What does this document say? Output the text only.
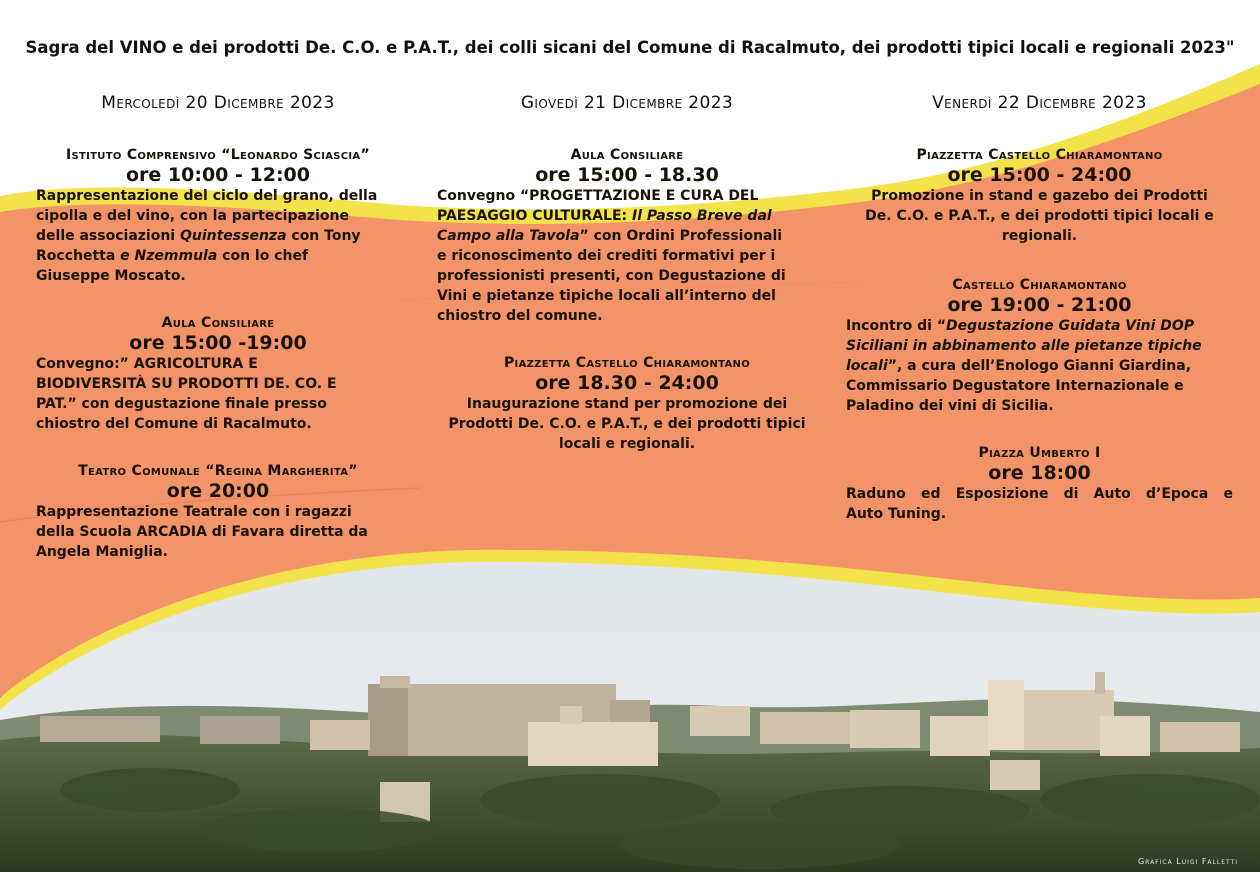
Sagra del VINO e dei prodotti De. C.O. e P.A.T., dei colli sicani del Comune di Racalmuto, dei prodotti tipici locali e regionali 2023"
Mercoledì 20 Dicembre 2023
Istituto Comprensivo “Leonardo Sciascia”
ore 10:00 - 12:00
Rappresentazione del ciclo del grano, della
cipolla e del vino, con la partecipazione
delle associazioni Quintessenza con Tony
Rocchetta e Nzemmula con lo chef
Giuseppe Moscato.
Aula Consiliare
ore 15:00 -19:00
Convegno:” AGRICOLTURA E
BIODIVERSITÀ SU PRODOTTI DE. CO. E
PAT.” con degustazione finale presso
chiostro del Comune di Racalmuto.
Teatro Comunale “Regina Margherita”
ore 20:00
Rappresentazione Teatrale con i ragazzi
della Scuola ARCADIA di Favara diretta da
Angela Maniglia.
Giovedì 21 Dicembre 2023
Aula Consiliare
ore 15:00 - 18.30
Convegno “PROGETTAZIONE E CURA DEL
PAESAGGIO CULTURALE: Il Passo Breve dal
Campo alla Tavola” con Ordini Professionali
e riconoscimento dei crediti formativi per i
professionisti presenti, con Degustazione di
Vini e pietanze tipiche locali all’interno del
chiostro del comune.
Piazzetta Castello Chiaramontano
ore 18.30 - 24:00
Inaugurazione stand per promozione dei
Prodotti De. C.O. e P.A.T., e dei prodotti tipici
locali e regionali.
Venerdì 22 Dicembre 2023
Piazzetta Castello Chiaramontano
ore 15:00 - 24:00
Promozione in stand e gazebo dei Prodotti
De. C.O. e P.A.T., e dei prodotti tipici locali e
regionali.
Castello Chiaramontano
ore 19:00 - 21:00
Incontro di “Degustazione Guidata Vini DOP
Siciliani in abbinamento alle pietanze tipiche
locali”, a cura dell’Enologo Gianni Giardina,
Commissario Degustatore Internazionale e
Paladino dei vini di Sicilia.
Piazza Umberto I
ore 18:00
Raduno ed Esposizione di Auto d’Epoca e
Auto Tuning.
Grafica Luigi Falletti
